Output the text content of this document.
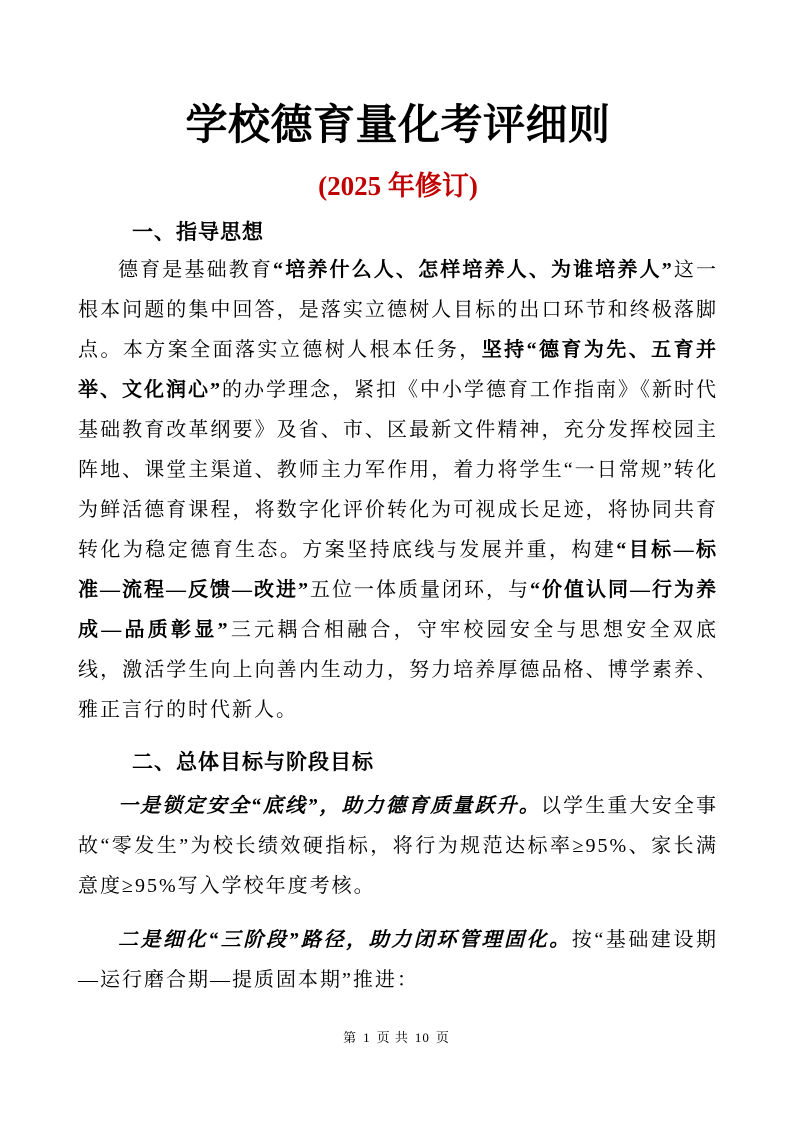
学校德育量化考评细则
(2025 年修订)
一、指导思想

德育是基础教育“培养什么人、怎样培养人、为谁培养人”这一根本问题的集中回答，是落实立德树人目标的出口环节和终极落脚点。本方案全面落实立德树人根本任务，坚持“德育为先、五育并举、文化润心”的办学理念，紧扣《中小学德育工作指南》《新时代基础教育改革纲要》及省、市、区最新文件精神，充分发挥校园主阵地、课堂主渠道、教师主力军作用，着力将学生“一日常规”转化为鲜活德育课程，将数字化评价转化为可视成长足迹，将协同共育转化为稳定德育生态。方案坚持底线与发展并重，构建“目标—标准—流程—反馈—改进”五位一体质量闭环，与“价值认同—行为养成—品质彰显”三元耦合相融合，守牢校园安全与思想安全双底线，激活学生向上向善内生动力，努力培养厚德品格、博学素养、雅正言行的时代新人。

二、总体目标与阶段目标

一是锁定安全“底线”，助力德育质量跃升。以学生重大安全事故“零发生”为校长绩效硬指标，将行为规范达标率≥95%、家长满意度≥95%写入学校年度考核。

二是细化“三阶段”路径，助力闭环管理固化。按“基础建设期—运行磨合期—提质固本期”推进：

第 1 页 共 10 页
